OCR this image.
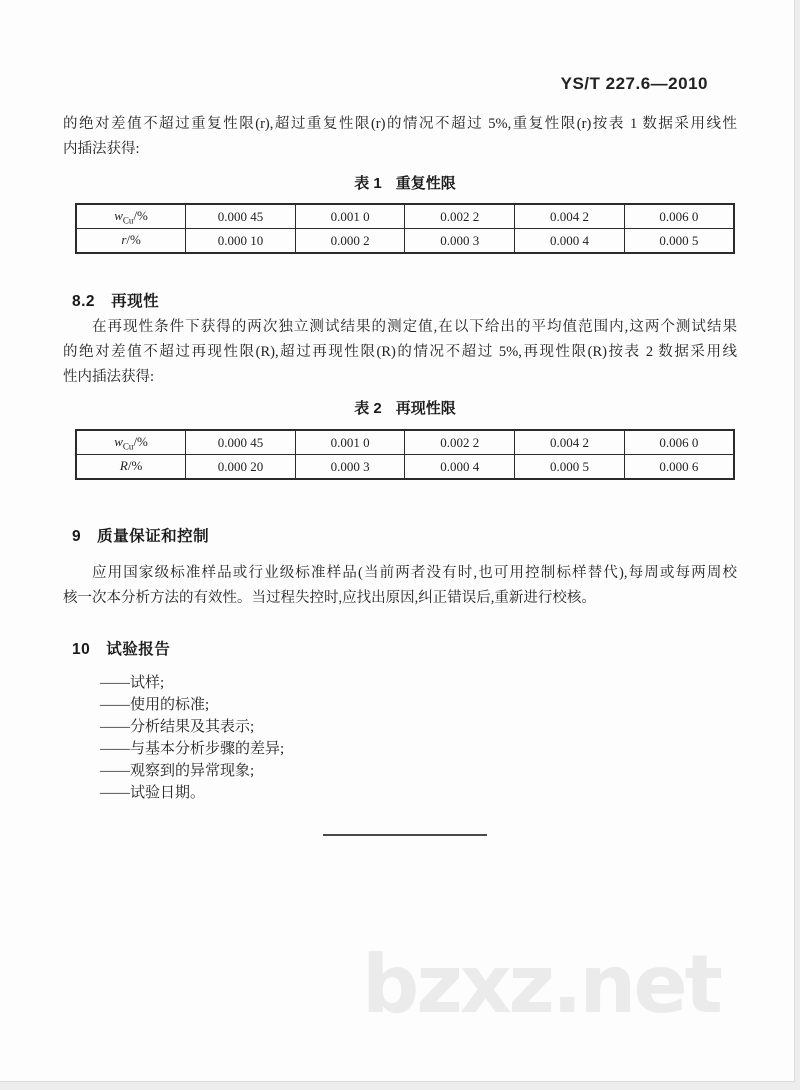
YS/T 227.6—2010
的绝对差值不超过重复性限(r),超过重复性限(r)的情况不超过 5%,重复性限(r)按表 1 数据采用线性
内插法获得:
表 1 重复性限
$w_{Cu}/\%$	0.000 45	0.001 0	0.002 2	0.004 2	0.006 0
r/%	0.000 10	0.000 2	0.000 3	0.000 4	0.000 5
8.2 再现性
在再现性条件下获得的两次独立测试结果的测定值,在以下给出的平均值范围内,这两个测试结果
的绝对差值不超过再现性限(R),超过再现性限(R)的情况不超过 5%,再现性限(R)按表 2 数据采用线
性内插法获得:
表 2 再现性限
$w_{Cu}/\%$	0.000 45	0.001 0	0.002 2	0.004 2	0.006 0
R/%	0.000 20	0.000 3	0.000 4	0.000 5	0.000 6
9 质量保证和控制
应用国家级标准样品或行业级标准样品(当前两者没有时,也可用控制标样替代),每周或每两周校
核一次本分析方法的有效性。当过程失控时,应找出原因,纠正错误后,重新进行校核。
10 试验报告
——试样;
——使用的标准;
——分析结果及其表示;
——与基本分析步骤的差异;
——观察到的异常现象;
——试验日期。
bzxz.net
